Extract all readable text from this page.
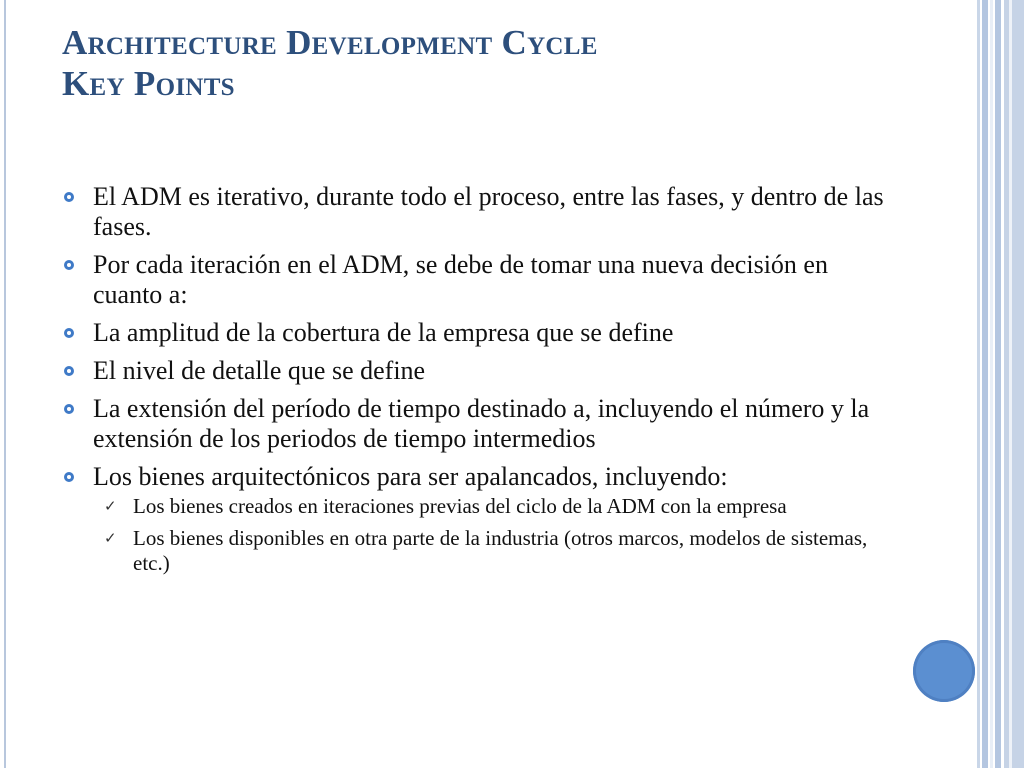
Architecture Development Cycle
Key Points
El ADM es iterativo, durante todo el proceso, entre las fases, y dentro de las fases.
Por cada iteración en el ADM, se debe de tomar una nueva decisión en cuanto a:
La amplitud de la cobertura de la empresa que se define
El nivel de detalle que se define
La extensión del período de tiempo destinado a, incluyendo el número y la extensión de los periodos de tiempo intermedios
Los bienes arquitectónicos para ser apalancados, incluyendo:
✓ Los bienes creados en iteraciones previas del ciclo de la ADM con la empresa
✓ Los bienes disponibles en otra parte de la industria (otros marcos, modelos de sistemas, etc.)
